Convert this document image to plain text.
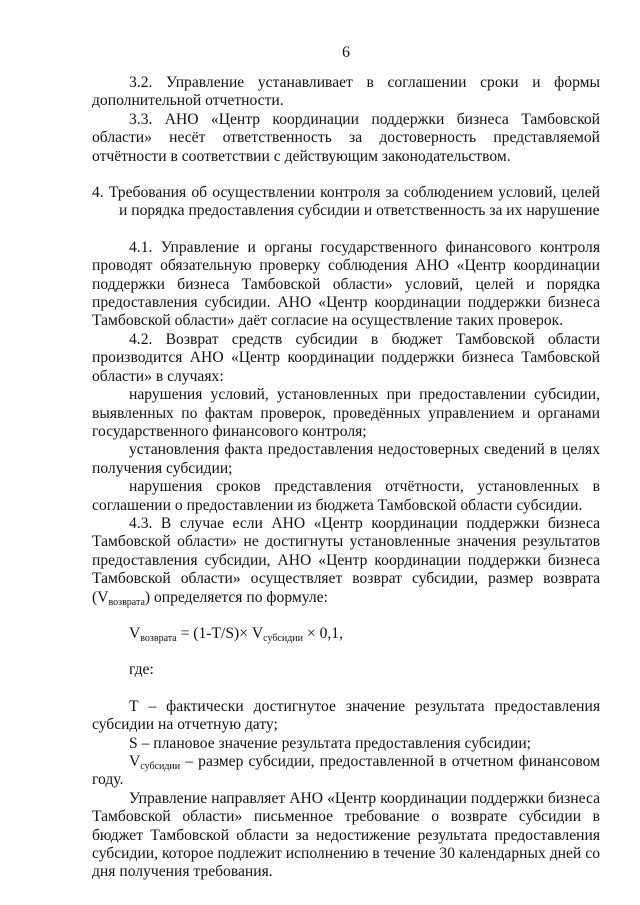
6

3.2. Управление устанавливает в соглашении сроки и формы дополнительной отчетности.

3.3. АНО «Центр координации поддержки бизнеса Тамбовской области» несёт ответственность за достоверность представляемой отчётности в соответствии с действующим законодательством.

4. Требования об осуществлении контроля за соблюдением условий, целей и порядка предоставления субсидии и ответственность за их нарушение

4.1. Управление и органы государственного финансового контроля проводят обязательную проверку соблюдения АНО «Центр координации поддержки бизнеса Тамбовской области» условий, целей и порядка предоставления субсидии. АНО «Центр координации поддержки бизнеса Тамбовской области» даёт согласие на осуществление таких проверок.

4.2. Возврат средств субсидии в бюджет Тамбовской области производится АНО «Центр координации поддержки бизнеса Тамбовской области» в случаях:

нарушения условий, установленных при предоставлении субсидии, выявленных по фактам проверок, проведённых управлением и органами государственного финансового контроля;

установления факта предоставления недостоверных сведений в целях получения субсидии;

нарушения сроков представления отчётности, установленных в соглашении о предоставлении из бюджета Тамбовской области субсидии.

4.3. В случае если АНО «Центр координации поддержки бизнеса Тамбовской области» не достигнуты установленные значения результатов предоставления субсидии, АНО «Центр координации поддержки бизнеса Тамбовской области» осуществляет возврат субсидии, размер возврата $(V_{возврата})$ определяется по формуле:

$V_{возврата} = (1-T/S)\times V_{субсидии} \times 0,1$,

где:

Т – фактически достигнутое значение результата предоставления субсидии на отчетную дату;

S – плановое значение результата предоставления субсидии;

$V_{субсидии}$ – размер субсидии, предоставленной в отчетном финансовом году.

Управление направляет АНО «Центр координации поддержки бизнеса Тамбовской области» письменное требование о возврате субсидии в бюджет Тамбовской области за недостижение результата предоставления субсидии, которое подлежит исполнению в течение 30 календарных дней со дня получения требования.
